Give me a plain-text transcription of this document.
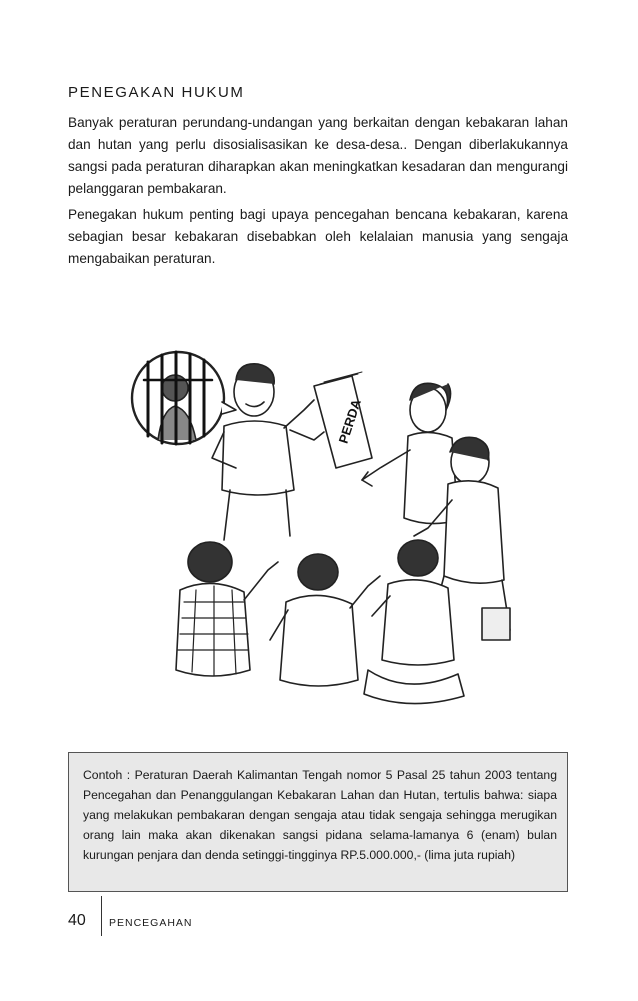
PENEGAKAN HUKUM
Banyak peraturan perundang-undangan yang berkaitan dengan kebakaran lahan dan hutan yang perlu disosialisasikan ke desa-desa.. Dengan diberlakukannya sangsi pada peraturan diharapkan akan meningkatkan kesadaran dan mengurangi pelanggaran pembakaran.
Penegakan hukum penting bagi upaya pencegahan bencana kebakaran, karena sebagian besar kebakaran disebabkan oleh kelalaian manusia yang sengaja mengabaikan peraturan.
PERDA
Contoh : Peraturan Daerah Kalimantan Tengah nomor 5 Pasal 25 tahun 2003 tentang Pencegahan dan Penanggulangan Kebakaran Lahan dan Hutan, tertulis bahwa: siapa yang melakukan pembakaran dengan sengaja atau tidak sengaja sehingga merugikan orang lain maka akan dikenakan sangsi pidana selama-lamanya 6 (enam) bulan kurungan penjara dan denda setinggi-tingginya RP.5.000.000,- (lima juta rupiah)
40 PENCEGAHAN
